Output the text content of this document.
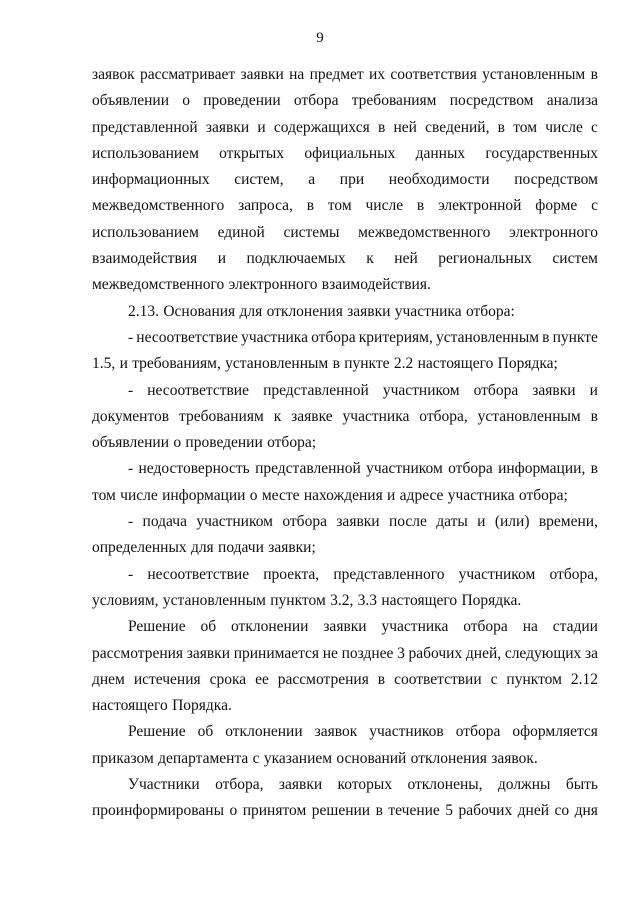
9
заявок рассматривает заявки на предмет их соответствия установленным в
объявлении о проведении отбора требованиям посредством анализа
представленной заявки и содержащихся в ней сведений, в том числе с
использованием открытых официальных данных государственных
информационных систем, а при необходимости посредством
межведомственного запроса, в том числе в электронной форме с
использованием единой системы межведомственного электронного
взаимодействия и подключаемых к ней региональных систем
межведомственного электронного взаимодействия.
2.13. Основания для отклонения заявки участника отбора:
- несоответствие участника отбора критериям, установленным в пункте
1.5, и требованиям, установленным в пункте 2.2 настоящего Порядка;
- несоответствие представленной участником отбора заявки и
документов требованиям к заявке участника отбора, установленным в
объявлении о проведении отбора;
- недостоверность представленной участником отбора информации, в
том числе информации о месте нахождения и адресе участника отбора;
- подача участником отбора заявки после даты и (или) времени,
определенных для подачи заявки;
- несоответствие проекта, представленного участником отбора,
условиям, установленным пунктом 3.2, 3.3 настоящего Порядка.
Решение об отклонении заявки участника отбора на стадии
рассмотрения заявки принимается не позднее 3 рабочих дней, следующих за
днем истечения срока ее рассмотрения в соответствии с пунктом 2.12
настоящего Порядка.
Решение об отклонении заявок участников отбора оформляется
приказом департамента с указанием оснований отклонения заявок.
Участники отбора, заявки которых отклонены, должны быть
проинформированы о принятом решении в течение 5 рабочих дней со дня
